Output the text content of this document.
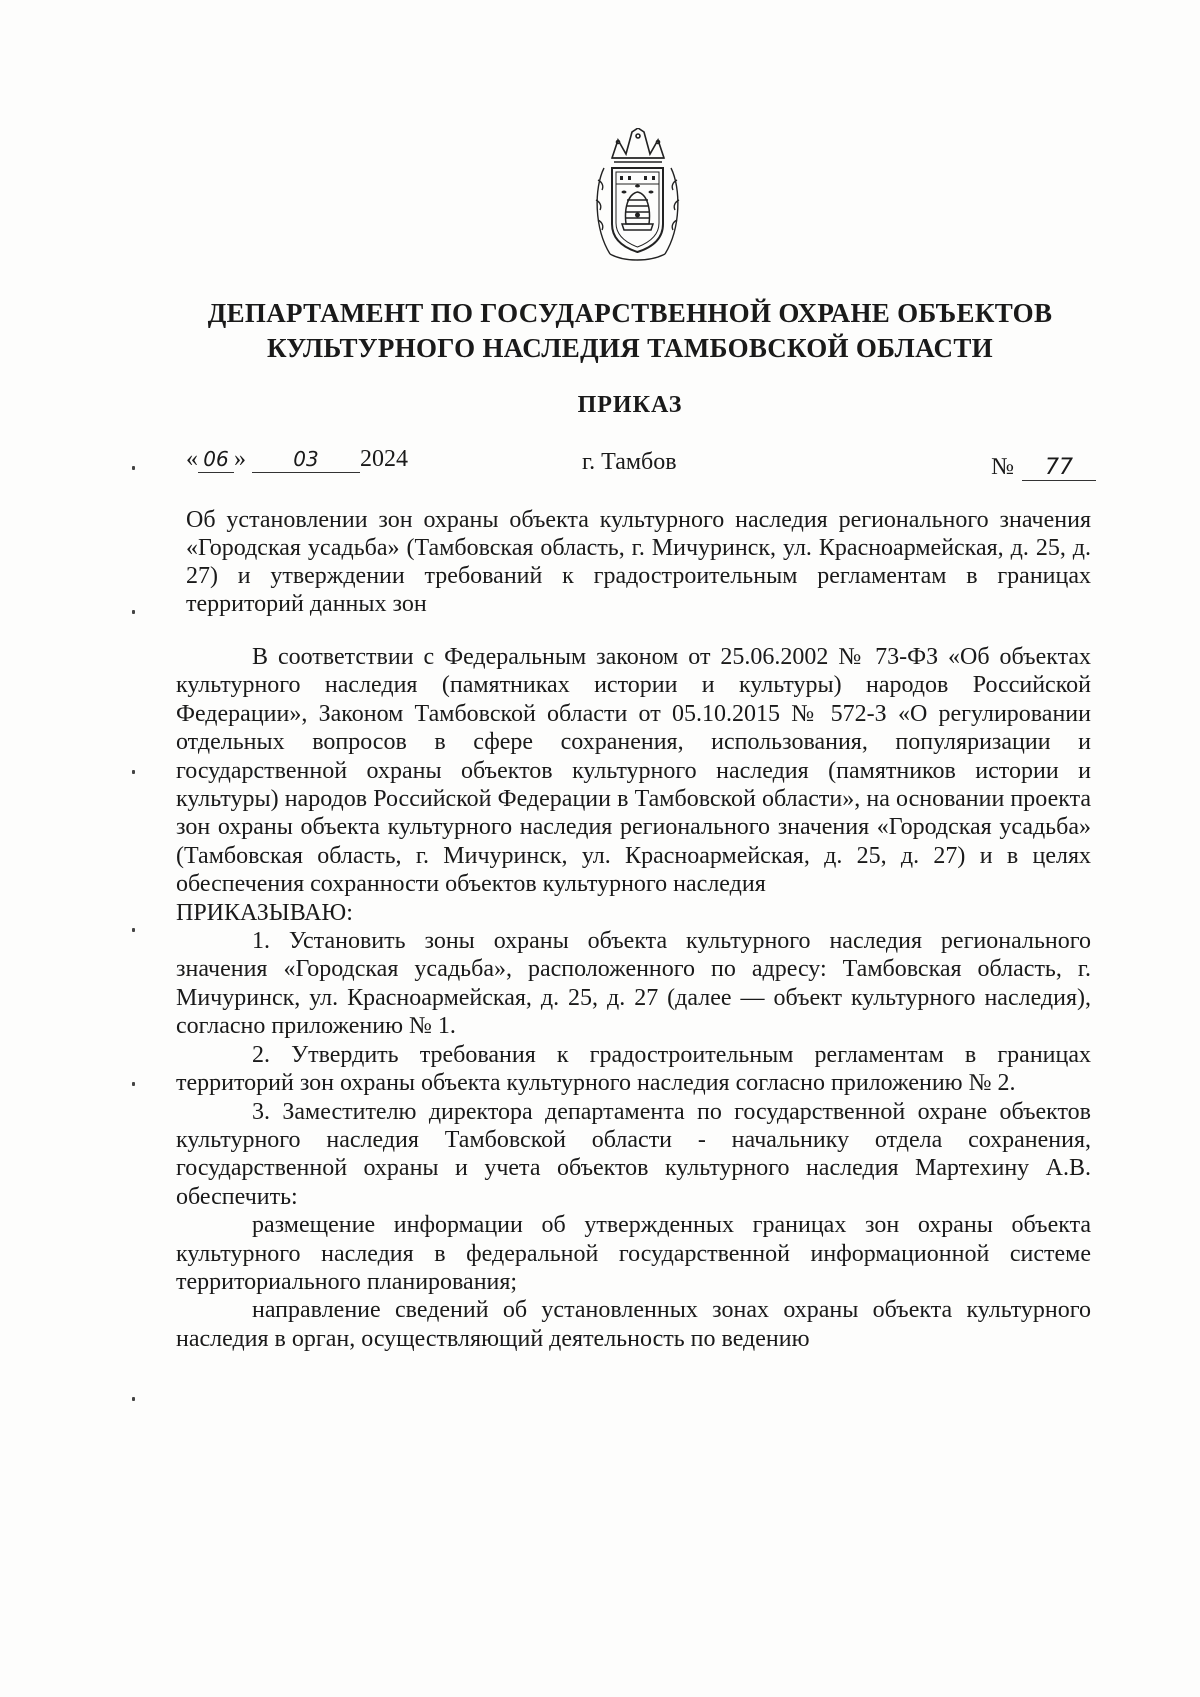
ДЕПАРТАМЕНТ ПО ГОСУДАРСТВЕННОЙ ОХРАНЕ ОБЪЕКТОВ
КУЛЬТУРНОГО НАСЛЕДИЯ ТАМБОВСКОЙ ОБЛАСТИ
ПРИКАЗ
« 06 » 03 2024	г. Тамбов	№ 77
Об установлении зон охраны объекта культурного наследия регионального значения «Городская усадьба» (Тамбовская область, г. Мичуринск, ул. Красноармейская, д. 25, д. 27) и утверждении требований к градостроительным регламентам в границах территорий данных зон

В соответствии с Федеральным законом от 25.06.2002 № 73-ФЗ «Об объектах культурного наследия (памятниках истории и культуры) народов Российской Федерации», Законом Тамбовской области от 05.10.2015 № 572-З «О регулировании отдельных вопросов в сфере сохранения, использования, популяризации и государственной охраны объектов культурного наследия (памятников истории и культуры) народов Российской Федерации в Тамбовской области», на основании проекта зон охраны объекта культурного наследия регионального значения «Городская усадьба» (Тамбовская область, г. Мичуринск, ул. Красноармейская, д. 25, д. 27) и в целях обеспечения сохранности объектов культурного наследия

ПРИКАЗЫВАЮ:

1. Установить зоны охраны объекта культурного наследия регионального значения «Городская усадьба», расположенного по адресу: Тамбовская область, г. Мичуринск, ул. Красноармейская, д. 25, д. 27 (далее — объект культурного наследия), согласно приложению № 1.

2. Утвердить требования к градостроительным регламентам в границах территорий зон охраны объекта культурного наследия согласно приложению № 2.

3. Заместителю директора департамента по государственной охране объектов культурного наследия Тамбовской области - начальнику отдела сохранения, государственной охраны и учета объектов культурного наследия Мартехину А.В. обеспечить:

размещение информации об утвержденных границах зон охраны объекта культурного наследия в федеральной государственной информационной системе территориального планирования;

направление сведений об установленных зонах охраны объекта культурного наследия в орган, осуществляющий деятельность по ведению
